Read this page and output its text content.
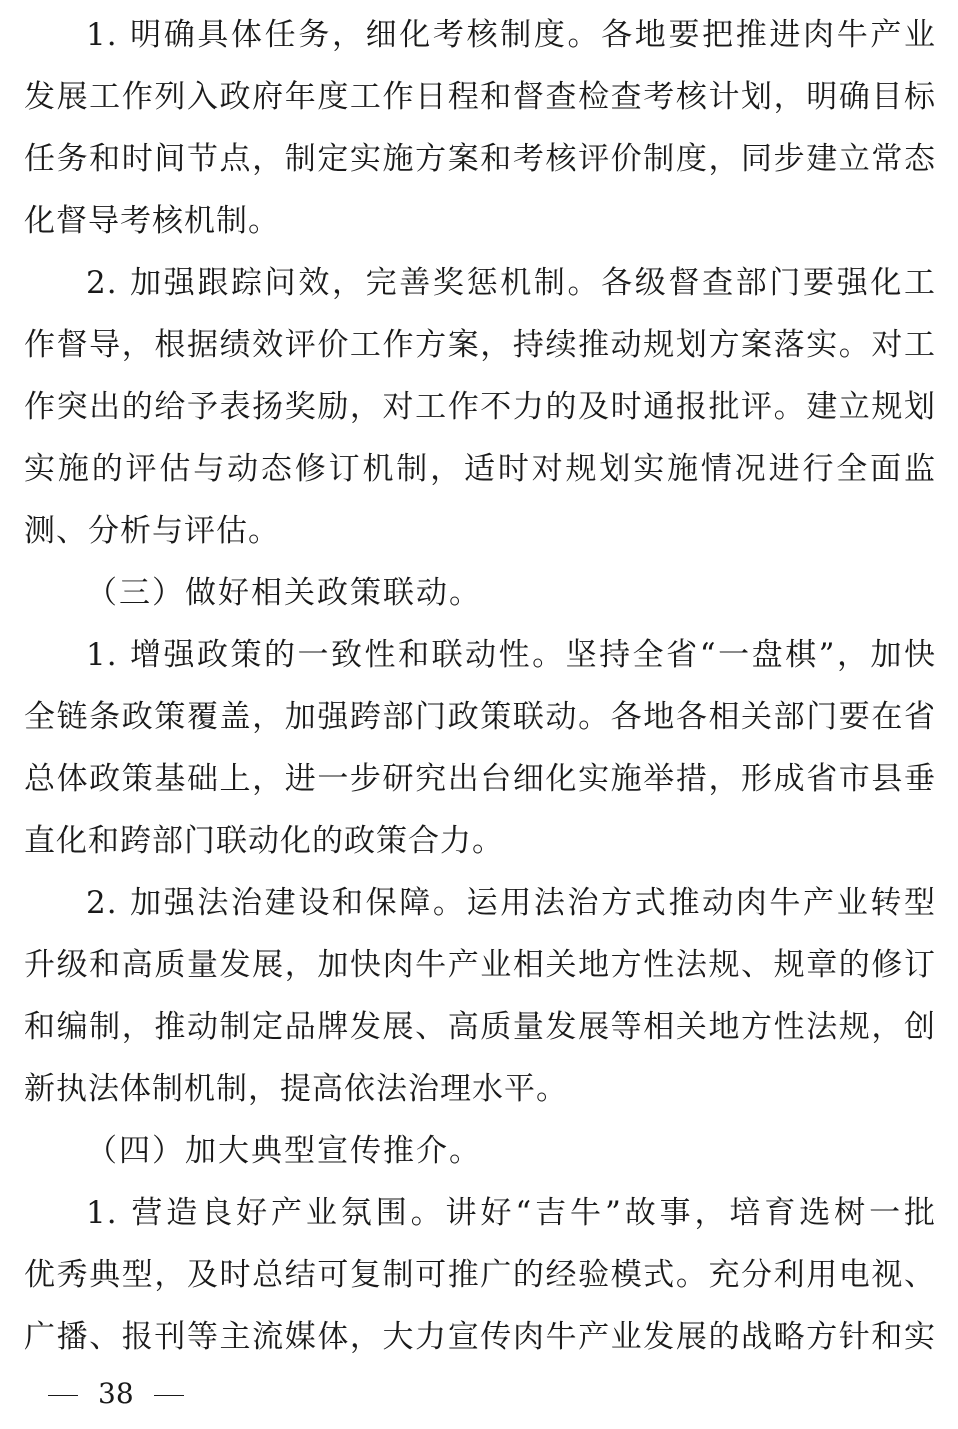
1. 明确具体任务，细化考核制度。各地要把推进肉牛产业
发展工作列入政府年度工作日程和督查检查考核计划，明确目标
任务和时间节点，制定实施方案和考核评价制度，同步建立常态
化督导考核机制。
2. 加强跟踪问效，完善奖惩机制。各级督查部门要强化工
作督导，根据绩效评价工作方案，持续推动规划方案落实。对工
作突出的给予表扬奖励，对工作不力的及时通报批评。建立规划
实施的评估与动态修订机制，适时对规划实施情况进行全面监
测、分析与评估。
（三）做好相关政策联动。
1. 增强政策的一致性和联动性。坚持全省“一盘棋”，加快
全链条政策覆盖，加强跨部门政策联动。各地各相关部门要在省
总体政策基础上，进一步研究出台细化实施举措，形成省市县垂
直化和跨部门联动化的政策合力。
2. 加强法治建设和保障。运用法治方式推动肉牛产业转型
升级和高质量发展，加快肉牛产业相关地方性法规、规章的修订
和编制，推动制定品牌发展、高质量发展等相关地方性法规，创
新执法体制机制，提高依法治理水平。
（四）加大典型宣传推介。
1. 营造良好产业氛围。讲好“吉牛”故事，培育选树一批
优秀典型，及时总结可复制可推广的经验模式。充分利用电视、
广播、报刊等主流媒体，大力宣传肉牛产业发展的战略方针和实
38
